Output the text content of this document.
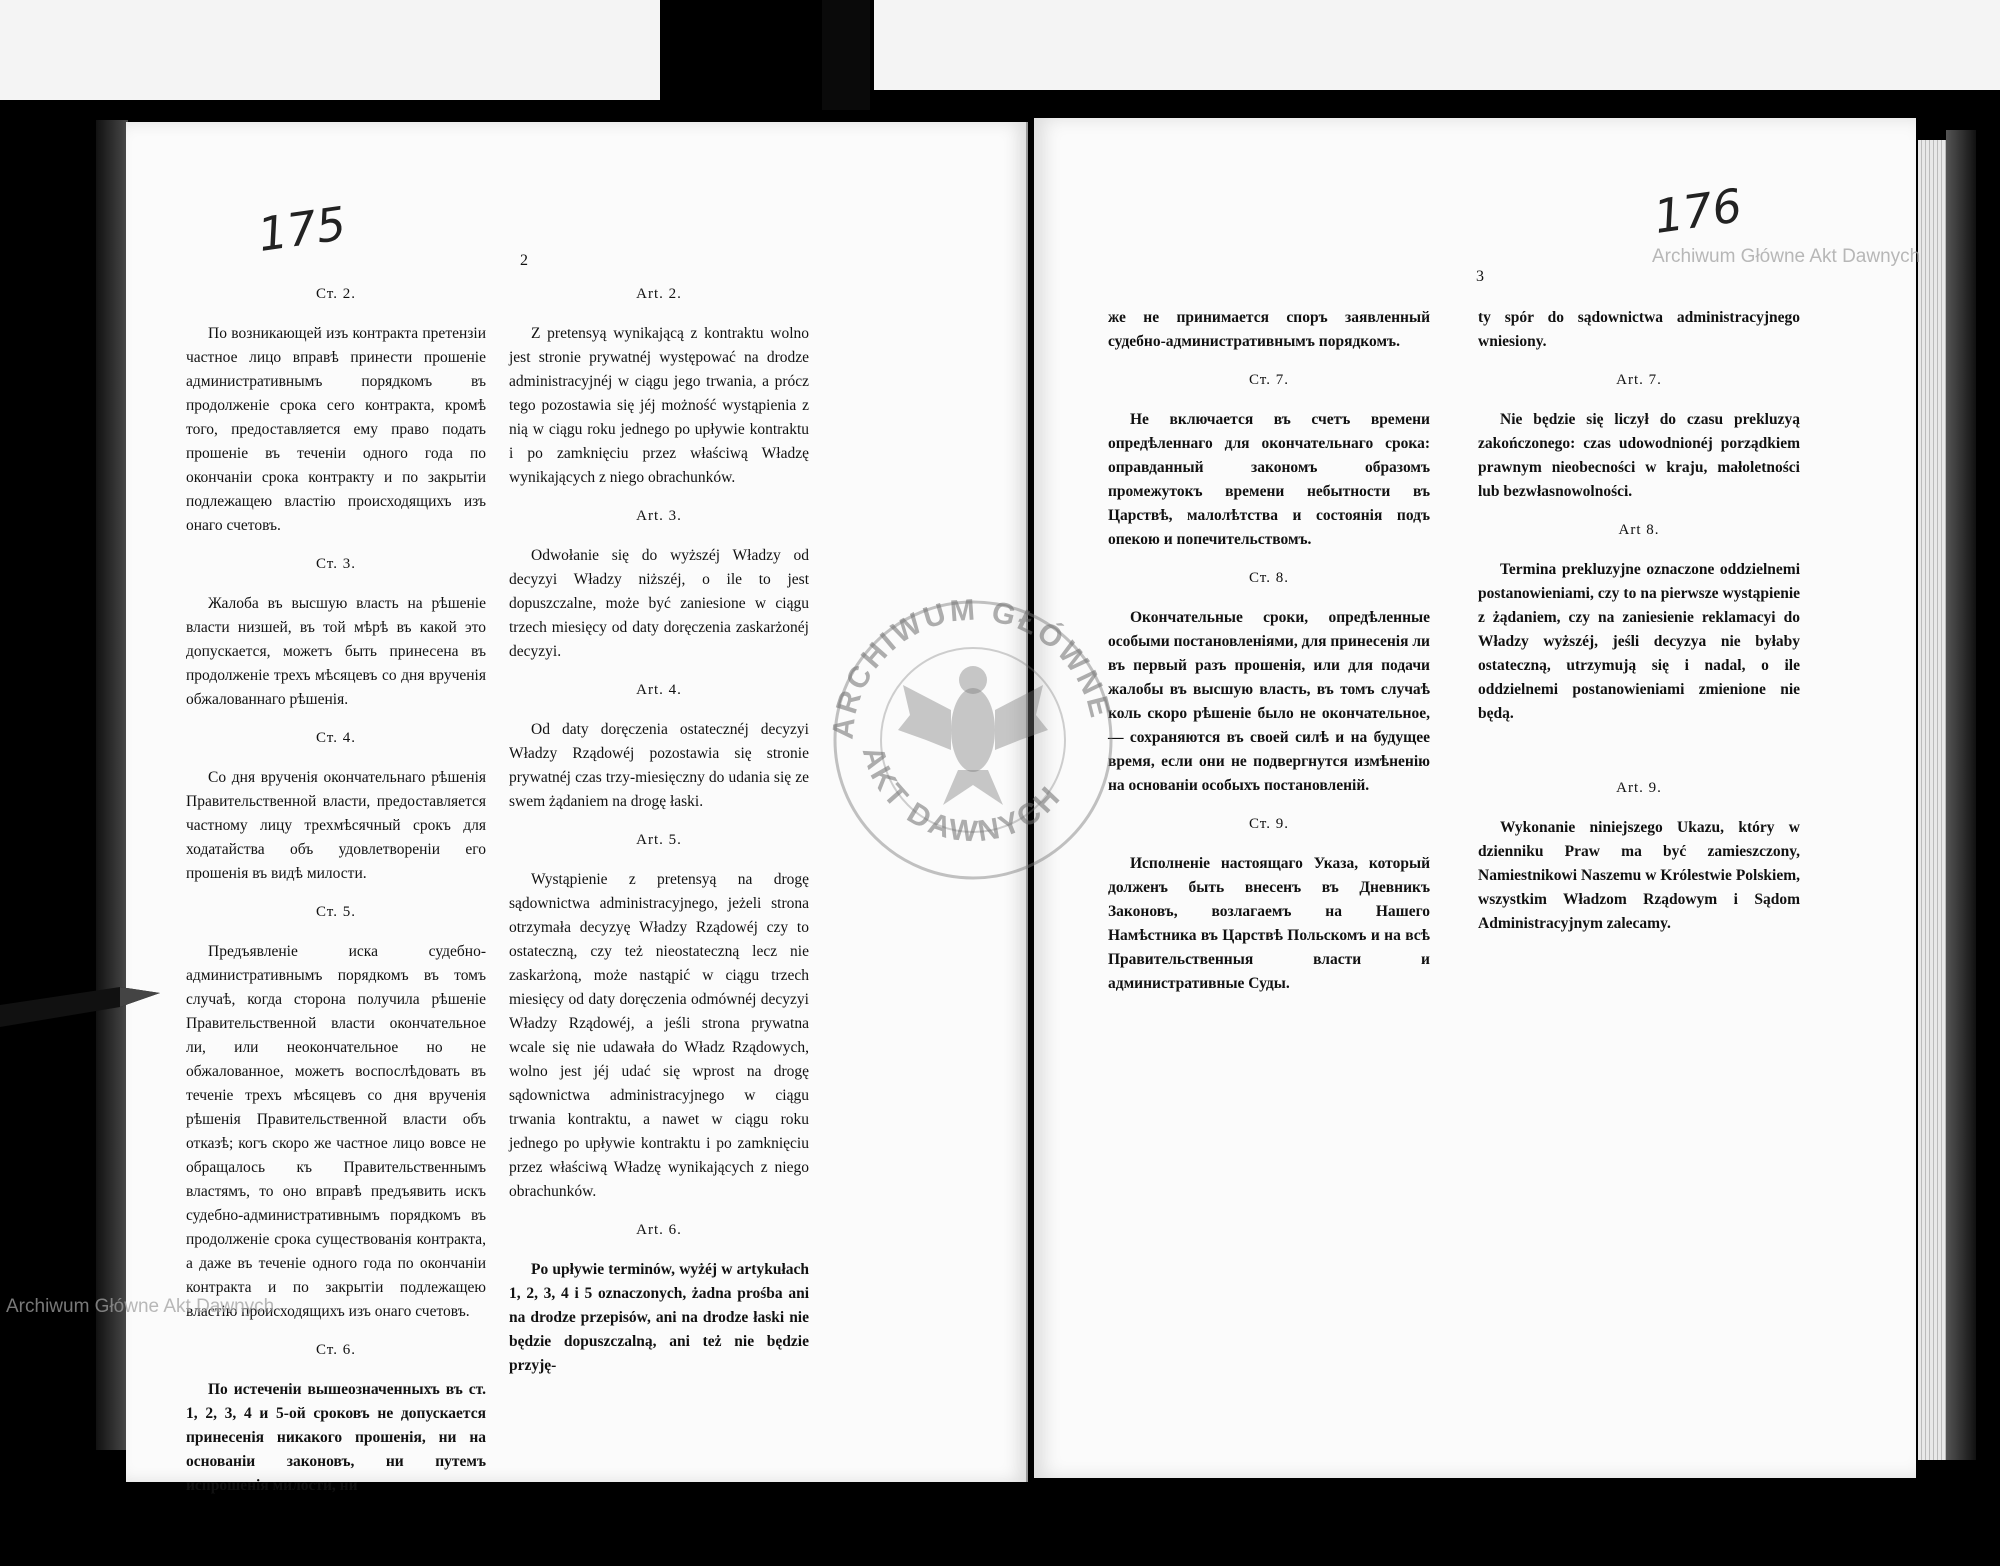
175	2
Ст. 2.

По возникающей изъ контракта претензіи частное лицо вправѣ принести прошеніе административнымъ порядкомъ въ продолженіе срока сего контракта, кромѣ того, предоставляется ему право подать прошеніе въ теченіи одного года по окончаніи срока контракту и по закрытіи подлежащею властію происходящихъ изъ онаго счетовъ.

Ст. 3.

Жалоба въ высшую власть на рѣшеніе власти низшей, въ той мѣрѣ въ какой это допускается, можетъ быть принесена въ продолженіе трехъ мѣсяцевъ со дня врученія обжалованнаго рѣшенія.

Ст. 4.

Со дня врученія окончательнаго рѣшенія Правительственной власти, предоставляется частному лицу трехмѣсячный срокъ для ходатайства объ удовлетвореніи его прошенія въ видѣ милости.

Ст. 5.

Предъявленіе иска судебно-административнымъ порядкомъ въ томъ случаѣ, когда сторона получила рѣшеніе Правительственной власти окончательное ли, или неокончательное но не обжалованное, можетъ воспослѣдовать въ теченіе трехъ мѣсяцевъ со дня врученія рѣшенія Правительственной власти объ отказѣ; когъ скоро же частное лицо вовсе не обращалось къ Правительственнымъ властямъ, то оно вправѣ предъявить искъ судебно-административнымъ порядкомъ въ продолженіе срока существованія контракта, а даже въ теченіе одного года по окончаніи контракта и по закрытіи подлежащею властію происходящихъ изъ онаго счетовъ.

Ст. 6.

По истеченіи вышеозначенныхъ въ ст. 1, 2, 3, 4 и 5-ой сроковъ не допускается принесенія никакого прошенія, ни на основаніи законовъ, ни путемъ испрошенія милости, ни

Art. 2.

Z pretensyą wynikającą z kontraktu wolno jest stronie prywatnéj występować na drodze administracyjnéj w ciągu jego trwania, a prócz tego pozostawia się jéj możność wystąpienia z nią w ciągu roku jednego po upływie kontraktu i po zamknięciu przez właściwą Władzę wynikających z niego obrachunków.

Art. 3.

Odwołanie się do wyższéj Władzy od decyzyi Władzy niższéj, o ile to jest dopuszczalne, może być zaniesione w ciągu trzech miesięcy od daty doręczenia zaskarżonéj decyzyi.

Art. 4.

Od daty doręczenia ostatecznéj decyzyi Władzy Rządowéj pozostawia się stronie prywatnéj czas trzy-miesięczny do udania się ze swem żądaniem na drogę łaski.

Art. 5.

Wystąpienie z pretensyą na drogę sądownictwa administracyjnego, jeżeli strona otrzymała decyzyę Władzy Rządowéj czy to ostateczną, czy też nieostateczną lecz nie zaskarżoną, może nastąpić w ciągu trzech miesięcy od daty doręczenia odmównéj decyzyi Władzy Rządowéj, a jeśli strona prywatna wcale się nie udawała do Władz Rządowych, wolno jest jéj udać się wprost na drogę sądownictwa administracyjnego w ciągu trwania kontraktu, a nawet w ciągu roku jednego po upływie kontraktu i po zamknięciu przez właściwą Władzę wynikających z niego obrachunków.

Art. 6.

Po upływie terminów, wyżéj w artykułach 1, 2, 3, 4 i 5 oznaczonych, żadna prośba ani na drodze przepisów, ani na drodze łaski nie będzie dopuszczalną, ani też nie będzie przyję-

176
3

же не принимается споръ заявленный судебно-административнымъ порядкомъ.

Ст. 7.

Не включается въ счетъ времени опредѣленнаго для окончательнаго срока: оправданный закономъ образомъ промежутокъ времени небытности въ Царствѣ, малолѣтства и состоянія подъ опекою и попечительствомъ.

Ст. 8.

Окончательные сроки, опредѣленные особыми постановленіями, для принесенія ли въ первый разъ прошенія, или для подачи жалобы въ высшую власть, въ томъ случаѣ коль скоро рѣшеніе было не окончательное,— сохраняются въ своей силѣ и на будущее время, если они не подвергнутся измѣненію на основаніи особыхъ постановленій.

Ст. 9.

Исполненіе настоящаго Указа, который долженъ быть внесенъ въ Дневникъ Законовъ, возлагаемъ на Нашего Намѣстника въ Царствѣ Польскомъ и на всѣ Правительственныя власти и административные Суды.

ty spór do sądownictwa administracyjnego wniesiony.

Art. 7.

Nie będzie się liczył do czasu prekluzyą zakończonego: czas udowodnionéj porządkiem prawnym nieobecności w kraju, małoletności lub bezwłasnowolności.

Art 8.

Termina prekluzyjne oznaczone oddzielnemi postanowieniami, czy to na pierwsze wystąpienie z żądaniem, czy na zaniesienie reklamacyi do Władzy wyższéj, jeśli decyzya nie byłaby ostateczną, utrzymują się i nadal, o ile oddzielnemi postanowieniami zmienione nie będą.

Art. 9.

Wykonanie niniejszego Ukazu, który w dzienniku Praw ma być zamieszczony, Namiestnikowi Naszemu w Królestwie Polskiem, wszystkim Władzom Rządowym i Sądom Administracyjnym zalecamy.

Archiwum Główne Akt Dawnych
Archiwum Główne Akt Dawnych
ARCHIWUM GŁÓWNE
AKT DAWNYCH
